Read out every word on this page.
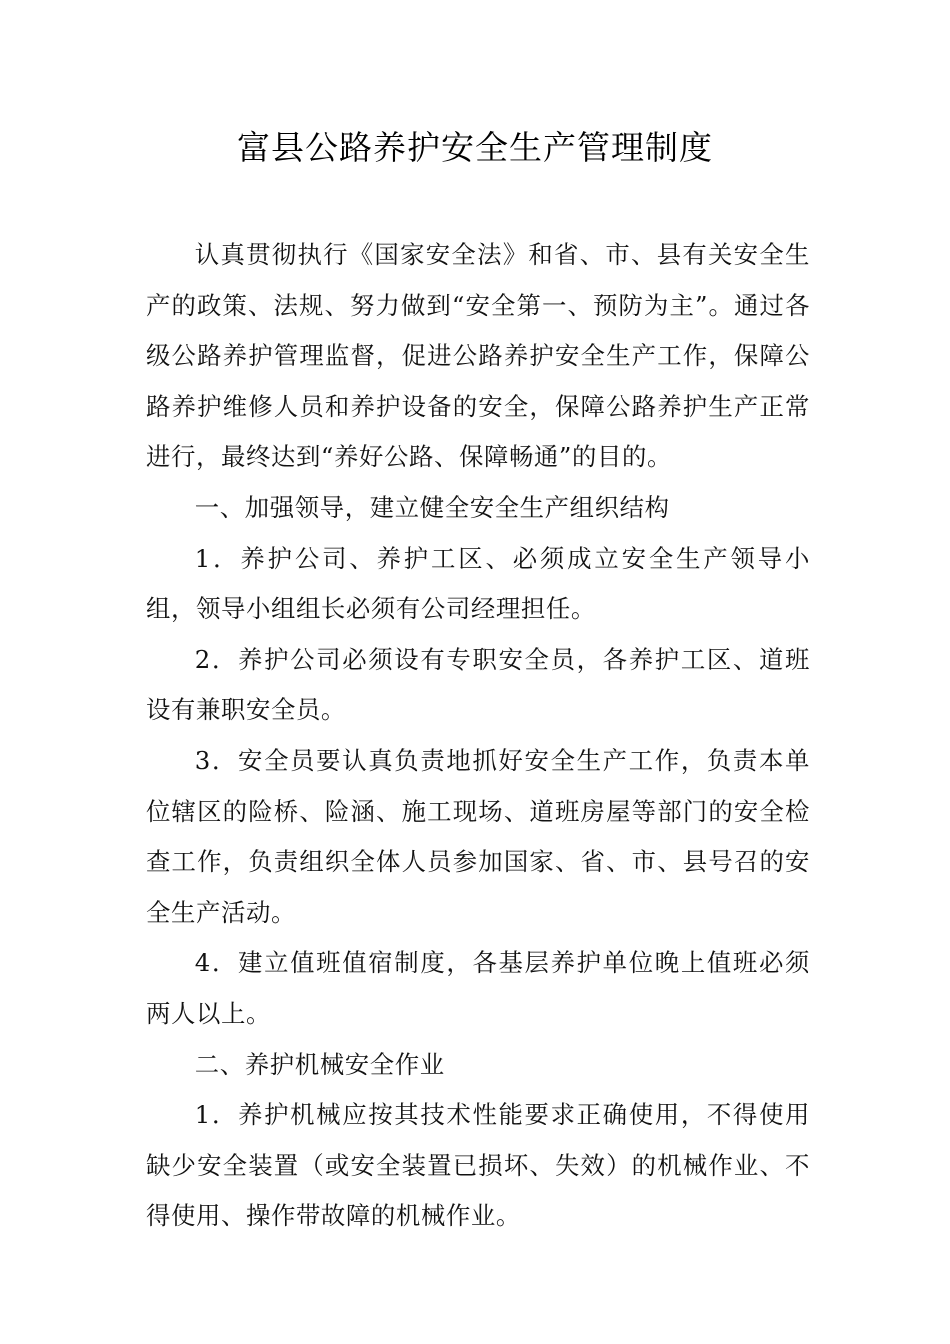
富县公路养护安全生产管理制度

认真贯彻执行《国家安全法》和省、市、县有关安全生产的政策、法规、努力做到“安全第一、预防为主”。通过各级公路养护管理监督，促进公路养护安全生产工作，保障公路养护维修人员和养护设备的安全，保障公路养护生产正常进行，最终达到“养好公路、保障畅通”的目的。

一、加强领导，建立健全安全生产组织结构

1．养护公司、养护工区、必须成立安全生产领导小组，领导小组组长必须有公司经理担任。

2．养护公司必须设有专职安全员，各养护工区、道班设有兼职安全员。

3．安全员要认真负责地抓好安全生产工作，负责本单位辖区的险桥、险涵、施工现场、道班房屋等部门的安全检查工作，负责组织全体人员参加国家、省、市、县号召的安全生产活动。

4．建立值班值宿制度，各基层养护单位晚上值班必须两人以上。

二、养护机械安全作业

1．养护机械应按其技术性能要求正确使用，不得使用缺少安全装置（或安全装置已损坏、失效）的机械作业、不得使用、操作带故障的机械作业。
